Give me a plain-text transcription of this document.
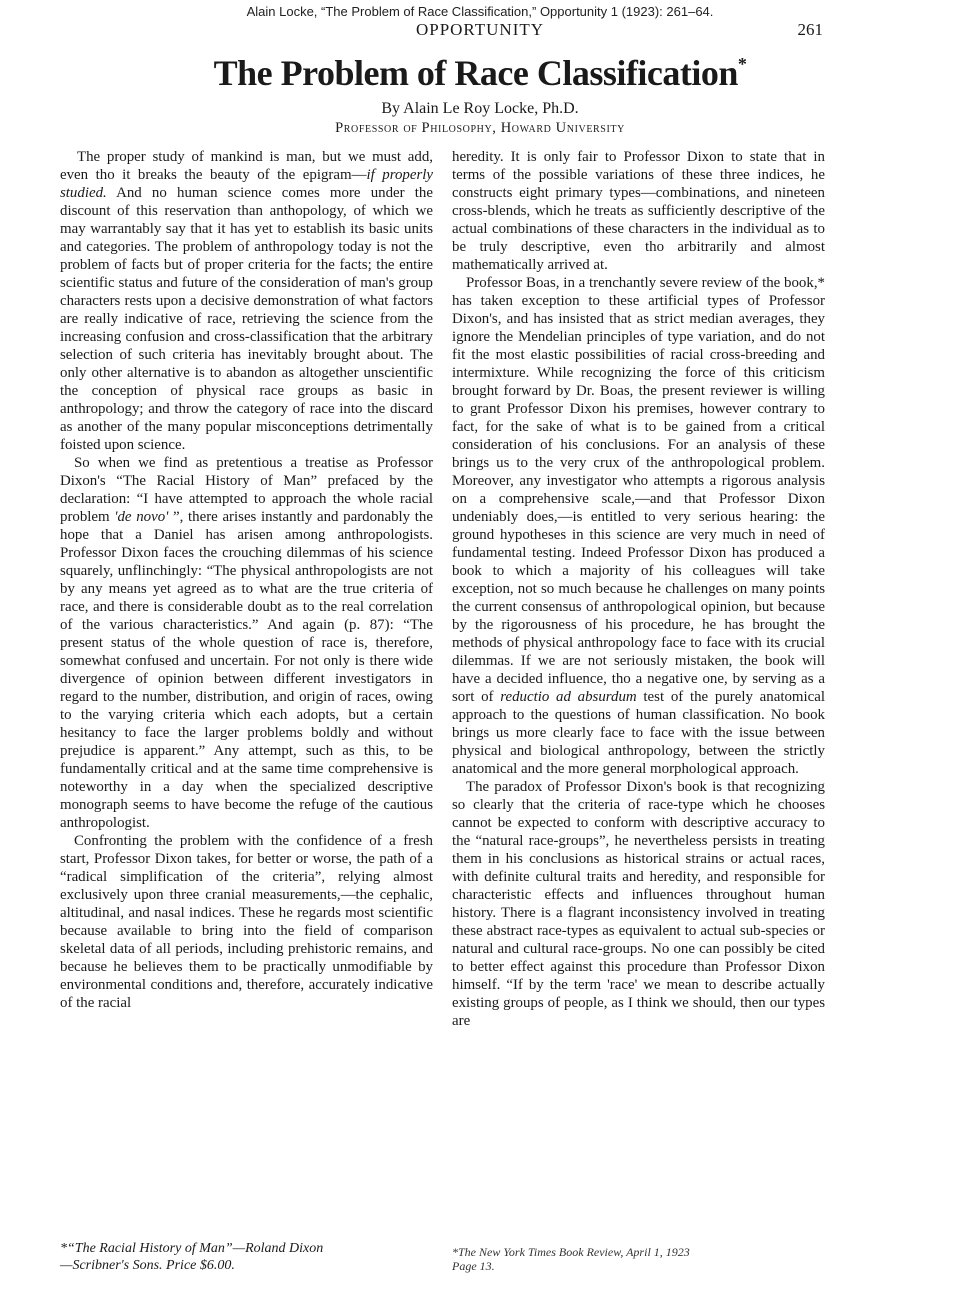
Alain Locke, “The Problem of Race Classification,” Opportunity 1 (1923): 261–64.
OPPORTUNITY	261
The Problem of Race Classification*
By Alain Le Roy Locke, Ph.D.
Professor of Philosophy, Howard University

The proper study of mankind is man, but we must add, even tho it breaks the beauty of the epigram—if properly studied. And no human science comes more under the discount of this reservation than anthopology, of which we may warrantably say that it has yet to establish its basic units and categories. The problem of anthropology today is not the problem of facts but of proper criteria for the facts; the entire scientific status and future of the consideration of man's group characters rests upon a decisive demonstration of what factors are really indicative of race, retrieving the science from the increasing confusion and cross-classification that the arbitrary selection of such criteria has inevitably brought about. The only other alternative is to abandon as altogether unscientific the conception of physical race groups as basic in anthropology; and throw the category of race into the discard as another of the many popular misconceptions detrimentally foisted upon science.

So when we find as pretentious a treatise as Professor Dixon's “The Racial History of Man” prefaced by the declaration: “I have attempted to approach the whole racial problem 'de novo' ”, there arises instantly and pardonably the hope that a Daniel has arisen among anthropologists. Professor Dixon faces the crouching dilemmas of his science squarely, unflinchingly: “The physical anthropologists are not by any means yet agreed as to what are the true criteria of race, and there is considerable doubt as to the real correlation of the various characteristics.” And again (p. 87): “The present status of the whole question of race is, therefore, somewhat confused and uncertain. For not only is there wide divergence of opinion between different investigators in regard to the number, distribution, and origin of races, owing to the varying criteria which each adopts, but a certain hesitancy to face the larger problems boldly and without prejudice is apparent.” Any attempt, such as this, to be fundamentally critical and at the same time comprehensive is noteworthy in a day when the specialized descriptive monograph seems to have become the refuge of the cautious anthropologist.

Confronting the problem with the confidence of a fresh start, Professor Dixon takes, for better or worse, the path of a “radical simplification of the criteria”, relying almost exclusively upon three cranial measurements,—the cephalic, altitudinal, and nasal indices. These he regards most scientific because available to bring into the field of comparison skeletal data of all periods, including prehistoric remains, and because he believes them to be practically unmodifiable by environmental conditions and, therefore, accurately indicative of the racial

heredity. It is only fair to Professor Dixon to state that in terms of the possible variations of these three indices, he constructs eight primary types—combinations, and nineteen cross-blends, which he treats as sufficiently descriptive of the actual combinations of these characters in the individual as to be truly descriptive, even tho arbitrarily and almost mathematically arrived at.

Professor Boas, in a trenchantly severe review of the book,* has taken exception to these artificial types of Professor Dixon's, and has insisted that as strict median averages, they ignore the Mendelian principles of type variation, and do not fit the most elastic possibilities of racial cross-breeding and intermixture. While recognizing the force of this criticism brought forward by Dr. Boas, the present reviewer is willing to grant Professor Dixon his premises, however contrary to fact, for the sake of what is to be gained from a critical consideration of his conclusions. For an analysis of these brings us to the very crux of the anthropological problem. Moreover, any investigator who attempts a rigorous analysis on a comprehensive scale,—and that Professor Dixon undeniably does,—is entitled to very serious hearing: the ground hypotheses in this science are very much in need of fundamental testing. Indeed Professor Dixon has produced a book to which a majority of his colleagues will take exception, not so much because he challenges on many points the current consensus of anthropological opinion, but because by the rigorousness of his procedure, he has brought the methods of physical anthropology face to face with its crucial dilemmas. If we are not seriously mistaken, the book will have a decided influence, tho a negative one, by serving as a sort of reductio ad absurdum test of the purely anatomical approach to the questions of human classification. No book brings us more clearly face to face with the issue between physical and biological anthropology, between the strictly anatomical and the more general morphological approach.

The paradox of Professor Dixon's book is that recognizing so clearly that the criteria of race-type which he chooses cannot be expected to conform with descriptive accuracy to the “natural race-groups”, he nevertheless persists in treating them in his conclusions as historical strains or actual races, with definite cultural traits and heredity, and responsible for characteristic effects and influences throughout human history. There is a flagrant inconsistency involved in treating these abstract race-types as equivalent to actual sub-species or natural and cultural race-groups. No one can possibly be cited to better effect against this procedure than Professor Dixon himself. “If by the term 'race' we mean to describe actually existing groups of people, as I think we should, then our types are

*“The Racial History of Man”—Roland Dixon
—Scribner's Sons. Price $6.00.
*The New York Times Book Review, April 1, 1923
Page 13.
